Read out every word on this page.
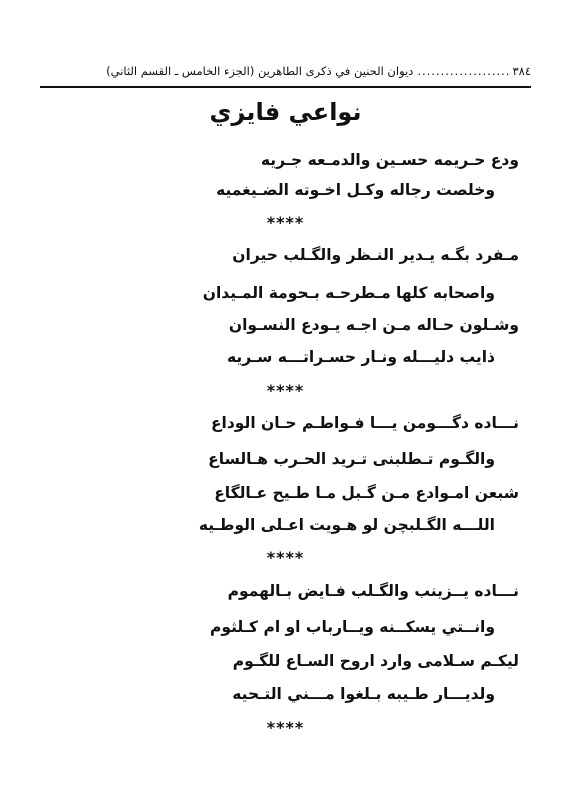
٣٨٤
....................
ديوان الحنين في ذكرى الطاهرين (الجزء الخامس ـ القسم الثاني)
نواعي فايزي
ودع حـريمه حسـين والدمـعه جـريه
وخلصت رجاله وكـل اخـوته الضـيغميه
****
مـفرد بگـه يـدير النـظر والگـلب حيران
واصحابه كلها مـطرحـه بـحومة المـيدان
وشـلون حـاله مـن اجـه يـودع النسـوان
ذايب دليـــله ونـار حسـراتـــه سـريه
****
نـــاده دگـــومن يـــا فـواطـم حـان الوداع
والگـوم تـطلبنى تـريد الحـرب هـالساع
شبعن امـوادع مـن گـبل مـا طـيح عـالگاع
اللـــه الگـلبچن لو هـويت اعـلى الوطـيه
****
نـــاده يــزينب والگـلب فـايض بـالهموم
وانــتي يسكــنه ويــارباب او ام كـلثوم
ليكـم سـلامى وارد اروح السـاع للگـوم
ولديـــار طـيبه بـلغوا مـــني التـحيه
****
